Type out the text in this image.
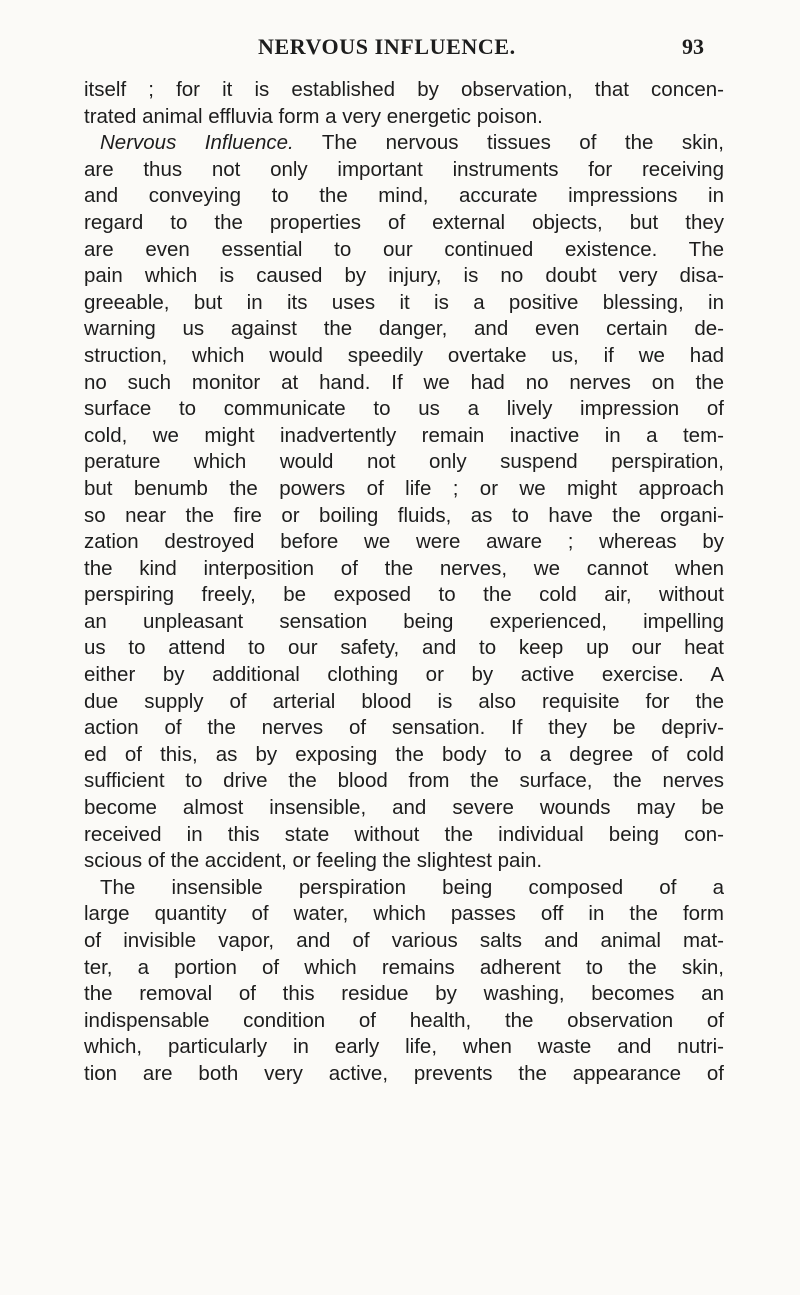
NERVOUS INFLUENCE.	93
itself ; for it is established by observation, that concen-
trated animal effluvia form a very energetic poison.
Nervous Influence. The nervous tissues of the skin,
are thus not only important instruments for receiving
and conveying to the mind, accurate impressions in
regard to the properties of external objects, but they
are even essential to our continued existence. The
pain which is caused by injury, is no doubt very disa-
greeable, but in its uses it is a positive blessing, in
warning us against the danger, and even certain de-
struction, which would speedily overtake us, if we had
no such monitor at hand. If we had no nerves on the
surface to communicate to us a lively impression of
cold, we might inadvertently remain inactive in a tem-
perature which would not only suspend perspiration,
but benumb the powers of life ; or we might approach
so near the fire or boiling fluids, as to have the organi-
zation destroyed before we were aware ; whereas by
the kind interposition of the nerves, we cannot when
perspiring freely, be exposed to the cold air, without
an unpleasant sensation being experienced, impelling
us to attend to our safety, and to keep up our heat
either by additional clothing or by active exercise. A
due supply of arterial blood is also requisite for the
action of the nerves of sensation. If they be depriv-
ed of this, as by exposing the body to a degree of cold
sufficient to drive the blood from the surface, the nerves
become almost insensible, and severe wounds may be
received in this state without the individual being con-
scious of the accident, or feeling the slightest pain.
The insensible perspiration being composed of a
large quantity of water, which passes off in the form
of invisible vapor, and of various salts and animal mat-
ter, a portion of which remains adherent to the skin,
the removal of this residue by washing, becomes an
indispensable condition of health, the observation of
which, particularly in early life, when waste and nutri-
tion are both very active, prevents the appearance of
